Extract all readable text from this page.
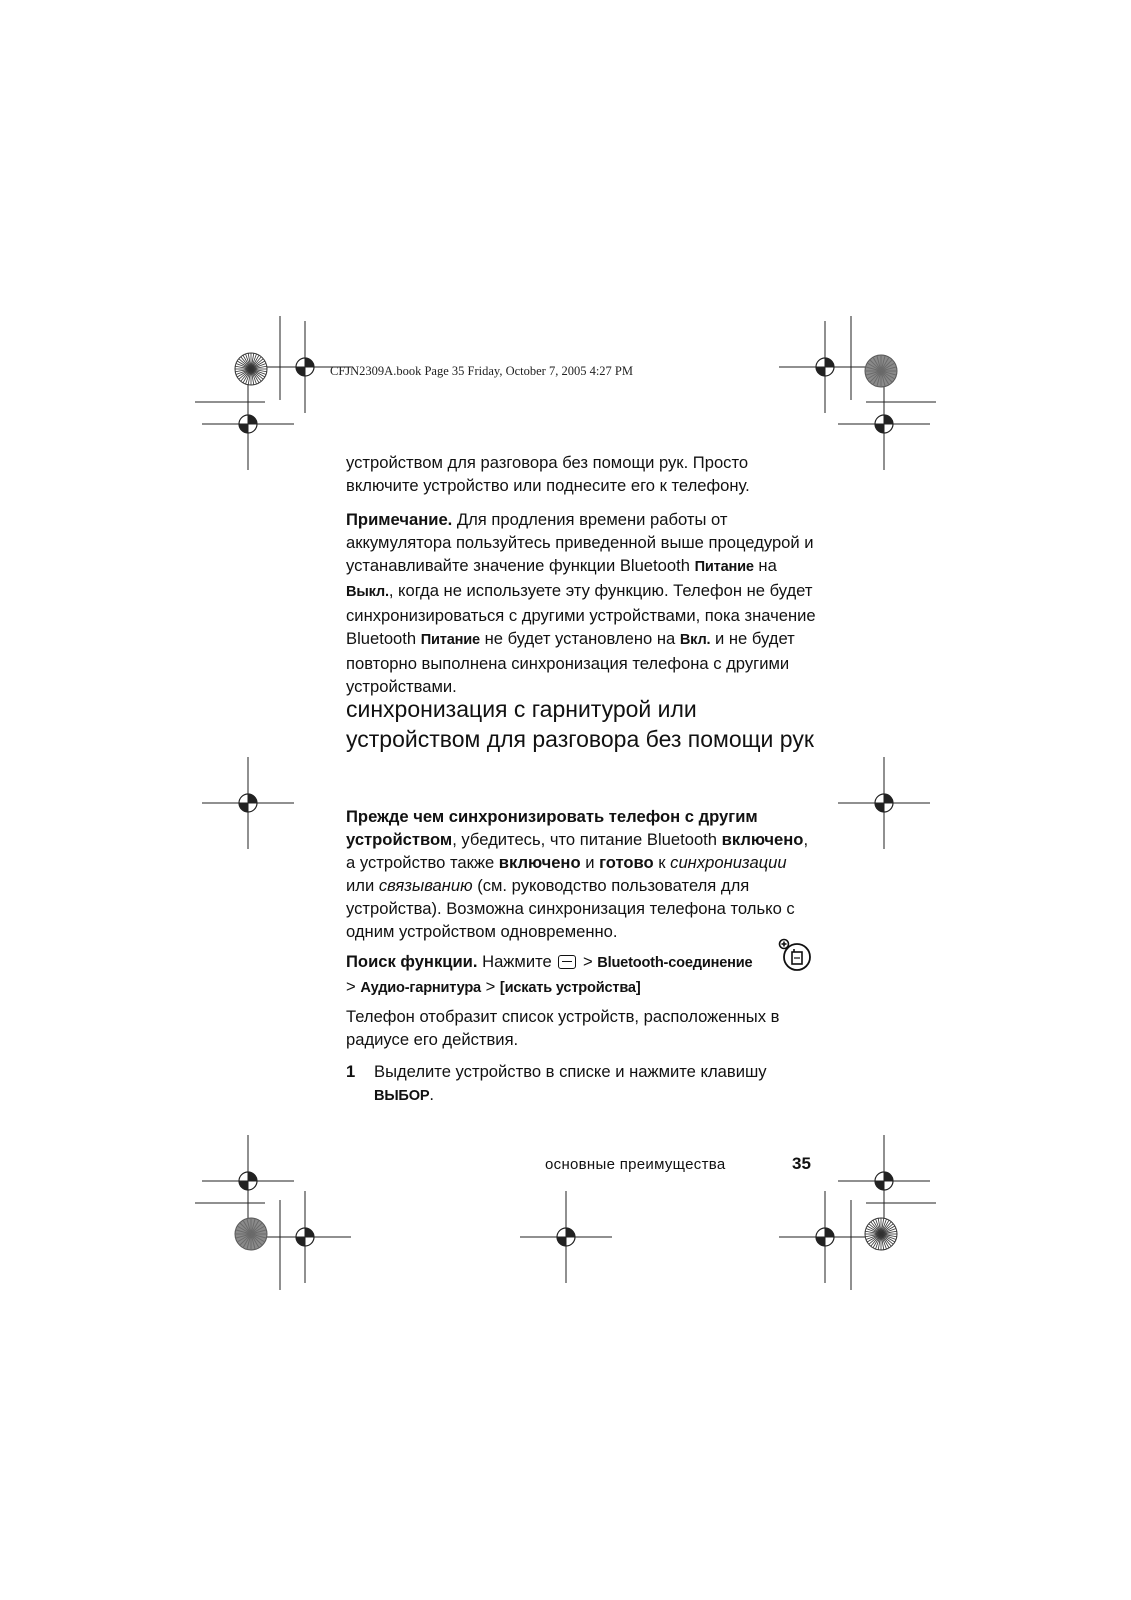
CFJN2309A.book Page 35 Friday, October 7, 2005 4:27 PM

устройством для разговора без помощи рук. Просто включите устройство или поднесите его к телефону.

Примечание. Для продления времени работы от аккумулятора пользуйтесь приведенной выше процедурой и устанавливайте значение функции Bluetooth Питание на Выкл., когда не используете эту функцию. Телефон не будет синхронизироваться с другими устройствами, пока значение Bluetooth Питание не будет установлено на Вкл. и не будет повторно выполнена синхронизация телефона с другими устройствами.

синхронизация с гарнитурой или устройством для разговора без помощи рук

Прежде чем синхронизировать телефон с другим устройством, убедитесь, что питание Bluetooth включено, а устройство также включено и готово к синхронизации или связыванию (см. руководство пользователя для устройства). Возможна синхронизация телефона только с одним устройством одновременно.

Поиск функции. Нажмите  > Bluetooth-соединение
> Аудио-гарнитура > [искать устройства]

Телефон отобразит список устройств, расположенных в радиусе его действия.

1 Выделите устройство в списке и нажмите клавишу
ВЫБОР.
основные преимущества	35
